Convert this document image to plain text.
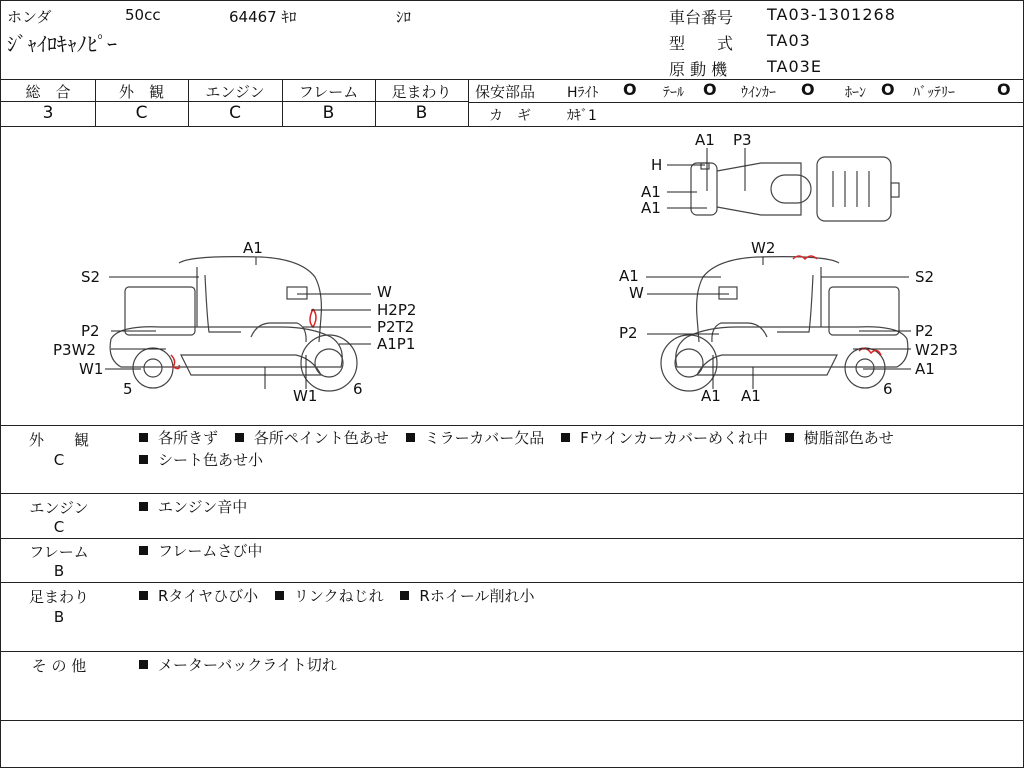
ホンダ	50cc	64467 ｷﾛ	ｼﾛ
ｼﾞｬｲﾛｷｬﾉﾋﾟｰ
車台番号 TA03-1301268
型　　式 TA03
原 動 機 TA03E
総　合	外　観	エンジン	フレーム	足まわり
3	C	C	B	B
保安部品 Hﾗｲﾄ O ﾃｰﾙ O ｳｲﾝｶｰ O ﾎｰﾝ O ﾊﾞｯﾃﾘｰ	O
カ　ギ	ｶｷﾞ1
S2
P2
P3W2
W1
5
A1
W
H2P2
P2T2
A1P1
W1 6
A1
W
P2
W2
S2
P2
W2P3
A1
6
A1 A1
A1 P3
H
A1
A1
外　　観
C
各所きず 各所ペイント色あせ ミラーカバー欠品 Fウインカーカバーめくれ中 樹脂部色あせ
シート色あせ小
エンジン
C
エンジン音中
フレーム
B
フレームさび中
足まわり
B
Rタイヤひび小 リンクねじれ Rホイール削れ小
そ の 他	メーターバックライト切れ
